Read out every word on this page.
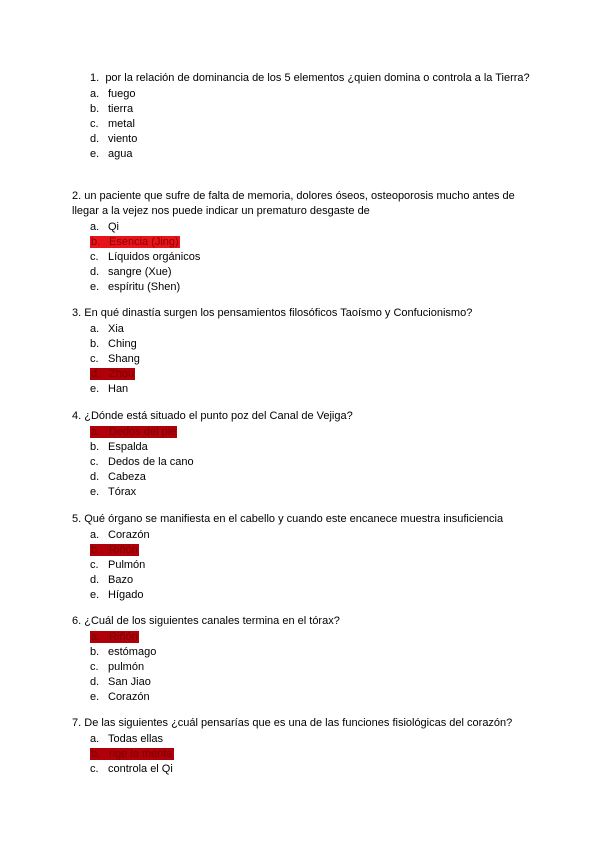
1. por la relación de dominancia de los 5 elementos ¿quien domina o controla a la Tierra?
a. fuego
b. tierra
c. metal
d. viento
e. agua
2. un paciente que sufre de falta de memoria, dolores óseos, osteoporosis mucho antes de llegar a la vejez nos puede indicar un prematuro desgaste de
a. Qi
b. Esencia (Jing)
c. Líquidos orgánicos
d. sangre (Xue)
e. espíritu (Shen)
3. En qué dinastía surgen los pensamientos filosóficos Taoísmo y Confucionismo?
a. Xia
b. Ching
c. Shang
d. Zhou
e. Han
4. ¿Dónde está situado el punto poz del Canal de Vejiga?
a. Dedos del pie
b. Espalda
c. Dedos de la cano
d. Cabeza
e. Tórax
5. Qué órgano se manifiesta en el cabello y cuando este encanece muestra insuficiencia
a. Corazón
b. Riñón
c. Pulmón
d. Bazo
e. Hígado
6. ¿Cuál de los siguientes canales termina en el tórax?
a. Riñón
b. estómago
c. pulmón
d. San Jiao
e. Corazón
7. De las siguientes ¿cuál pensarías que es una de las funciones fisiológicas del corazón?
a. Todas ellas
b. rige la mente
c. controla el Qi
